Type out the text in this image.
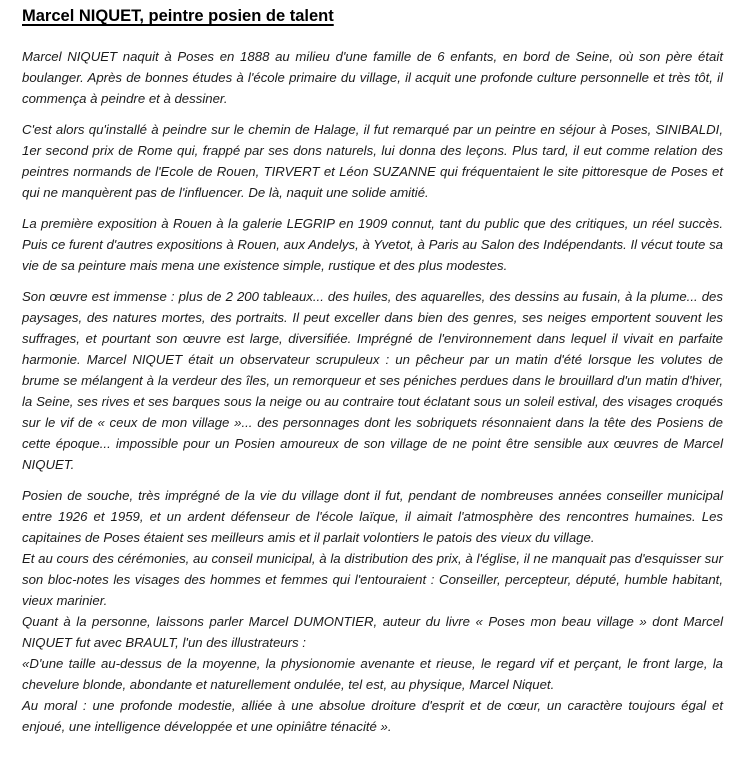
Marcel NIQUET, peintre posien de talent

Marcel NIQUET naquit à Poses en 1888 au milieu d'une famille de 6 enfants, en bord de Seine, où son père était boulanger. Après de bonnes études à l'école primaire du village, il acquit une profonde culture personnelle et très tôt, il commença à peindre et à dessiner.

C'est alors qu'installé à peindre sur le chemin de Halage, il fut remarqué par un peintre en séjour à Poses, SINIBALDI, 1er second prix de Rome qui, frappé par ses dons naturels, lui donna des leçons. Plus tard, il eut comme relation des peintres normands de l'Ecole de Rouen, TIRVERT et Léon SUZANNE qui fréquentaient le site pittoresque de Poses et qui ne manquèrent pas de l'influencer. De là, naquit une solide amitié.

La première exposition à Rouen à la galerie LEGRIP en 1909 connut, tant du public que des critiques, un réel succès. Puis ce furent d'autres expositions à Rouen, aux Andelys, à Yvetot, à Paris au Salon des Indépendants. Il vécut toute sa vie de sa peinture mais mena une existence simple, rustique et des plus modestes.

Son œuvre est immense : plus de 2 200 tableaux... des huiles, des aquarelles, des dessins au fusain, à la plume... des paysages, des natures mortes, des portraits. Il peut exceller dans bien des genres, ses neiges emportent souvent les suffrages, et pourtant son œuvre est large, diversifiée. Imprégné de l'environnement dans lequel il vivait en parfaite harmonie. Marcel NIQUET était un observateur scrupuleux : un pêcheur par un matin d'été lorsque les volutes de brume se mélangent à la verdeur des îles, un remorqueur et ses péniches perdues dans le brouillard d'un matin d'hiver, la Seine, ses rives et ses barques sous la neige ou au contraire tout éclatant sous un soleil estival, des visages croqués sur le vif de « ceux de mon village »... des personnages dont les sobriquets résonnaient dans la tête des Posiens de cette époque... impossible pour un Posien amoureux de son village de ne point être sensible aux œuvres de Marcel NIQUET.

Posien de souche, très imprégné de la vie du village dont il fut, pendant de nombreuses années conseiller municipal entre 1926 et 1959, et un ardent défenseur de l'école laïque, il aimait l'atmosphère des rencontres humaines. Les capitaines de Poses étaient ses meilleurs amis et il parlait volontiers le patois des vieux du village.

Et au cours des cérémonies, au conseil municipal, à la distribution des prix, à l'église, il ne manquait pas d'esquisser sur son bloc-notes les visages des hommes et femmes qui l'entouraient : Conseiller, percepteur, député, humble habitant, vieux marinier.

Quant à la personne, laissons parler Marcel DUMONTIER, auteur du livre « Poses mon beau village » dont Marcel NIQUET fut avec BRAULT, l'un des illustrateurs :

«D'une taille au-dessus de la moyenne, la physionomie avenante et rieuse, le regard vif et perçant, le front large, la chevelure blonde, abondante et naturellement ondulée, tel est, au physique, Marcel Niquet.

Au moral : une profonde modestie, alliée à une absolue droiture d'esprit et de cœur, un caractère toujours égal et enjoué, une intelligence développée et une opiniâtre ténacité ».
